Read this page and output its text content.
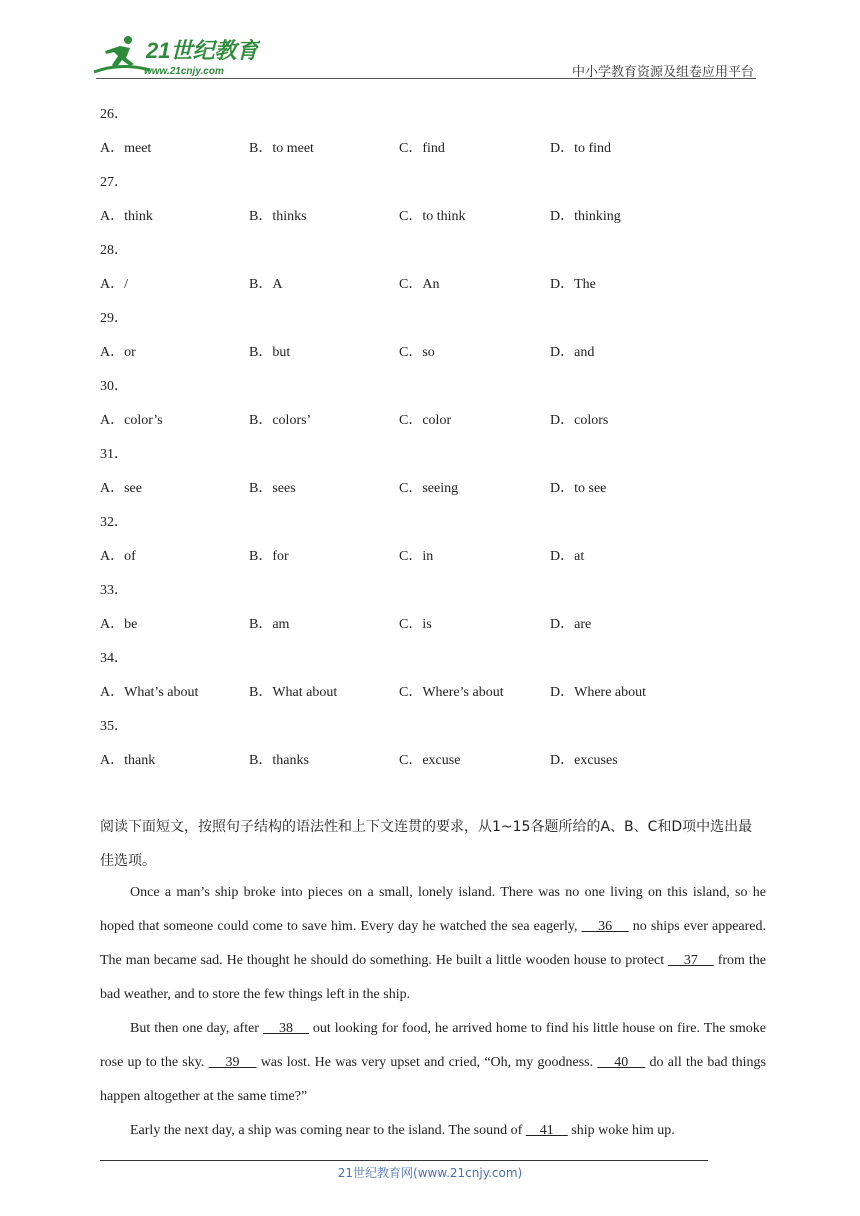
21世纪教育
www.21cnjy.com	中小学教育资源及组卷应用平台
26．
A．meet	B．to meet	C．find	D．to find
27．
A．think	B．thinks	C．to think	D．thinking
28．
A．/	B．A	C．An	D．The
29．
A．or	B．but	C．so	D．and
30．
A．color’s	B．colors’	C．color	D．colors
31．
A．see	B．sees	C．seeing	D．to see
32．
A．of	B．for	C．in	D．at
33．
A．be	B．am	C．is	D．are
34．
A．What’s about	B．What about	C．Where’s about	D．Where about
35．
A．thank	B．thanks	C．excuse	D．excuses
阅读下面短文，按照句子结构的语法性和上下文连贯的要求，从1~15各题所给的A、B、C和D项中选出最佳选项。

Once a man’s ship broke into pieces on a small, lonely island. There was no one living on this island, so he hoped that someone could come to save him. Every day he watched the sea eagerly,     36     no ships ever appeared. The man became sad. He thought he should do something. He built a little wooden house to protect     37     from the bad weather, and to store the few things left in the ship.

But then one day, after     38     out looking for food, he arrived home to find his little house on fire. The smoke rose up to the sky.     39     was lost. He was very upset and cried, “Oh, my goodness.     40     do all the bad things happen altogether at the same time?”

Early the next day, a ship was coming near to the island. The sound of     41     ship woke him up.

21世纪教育网(www.21cnjy.com)
